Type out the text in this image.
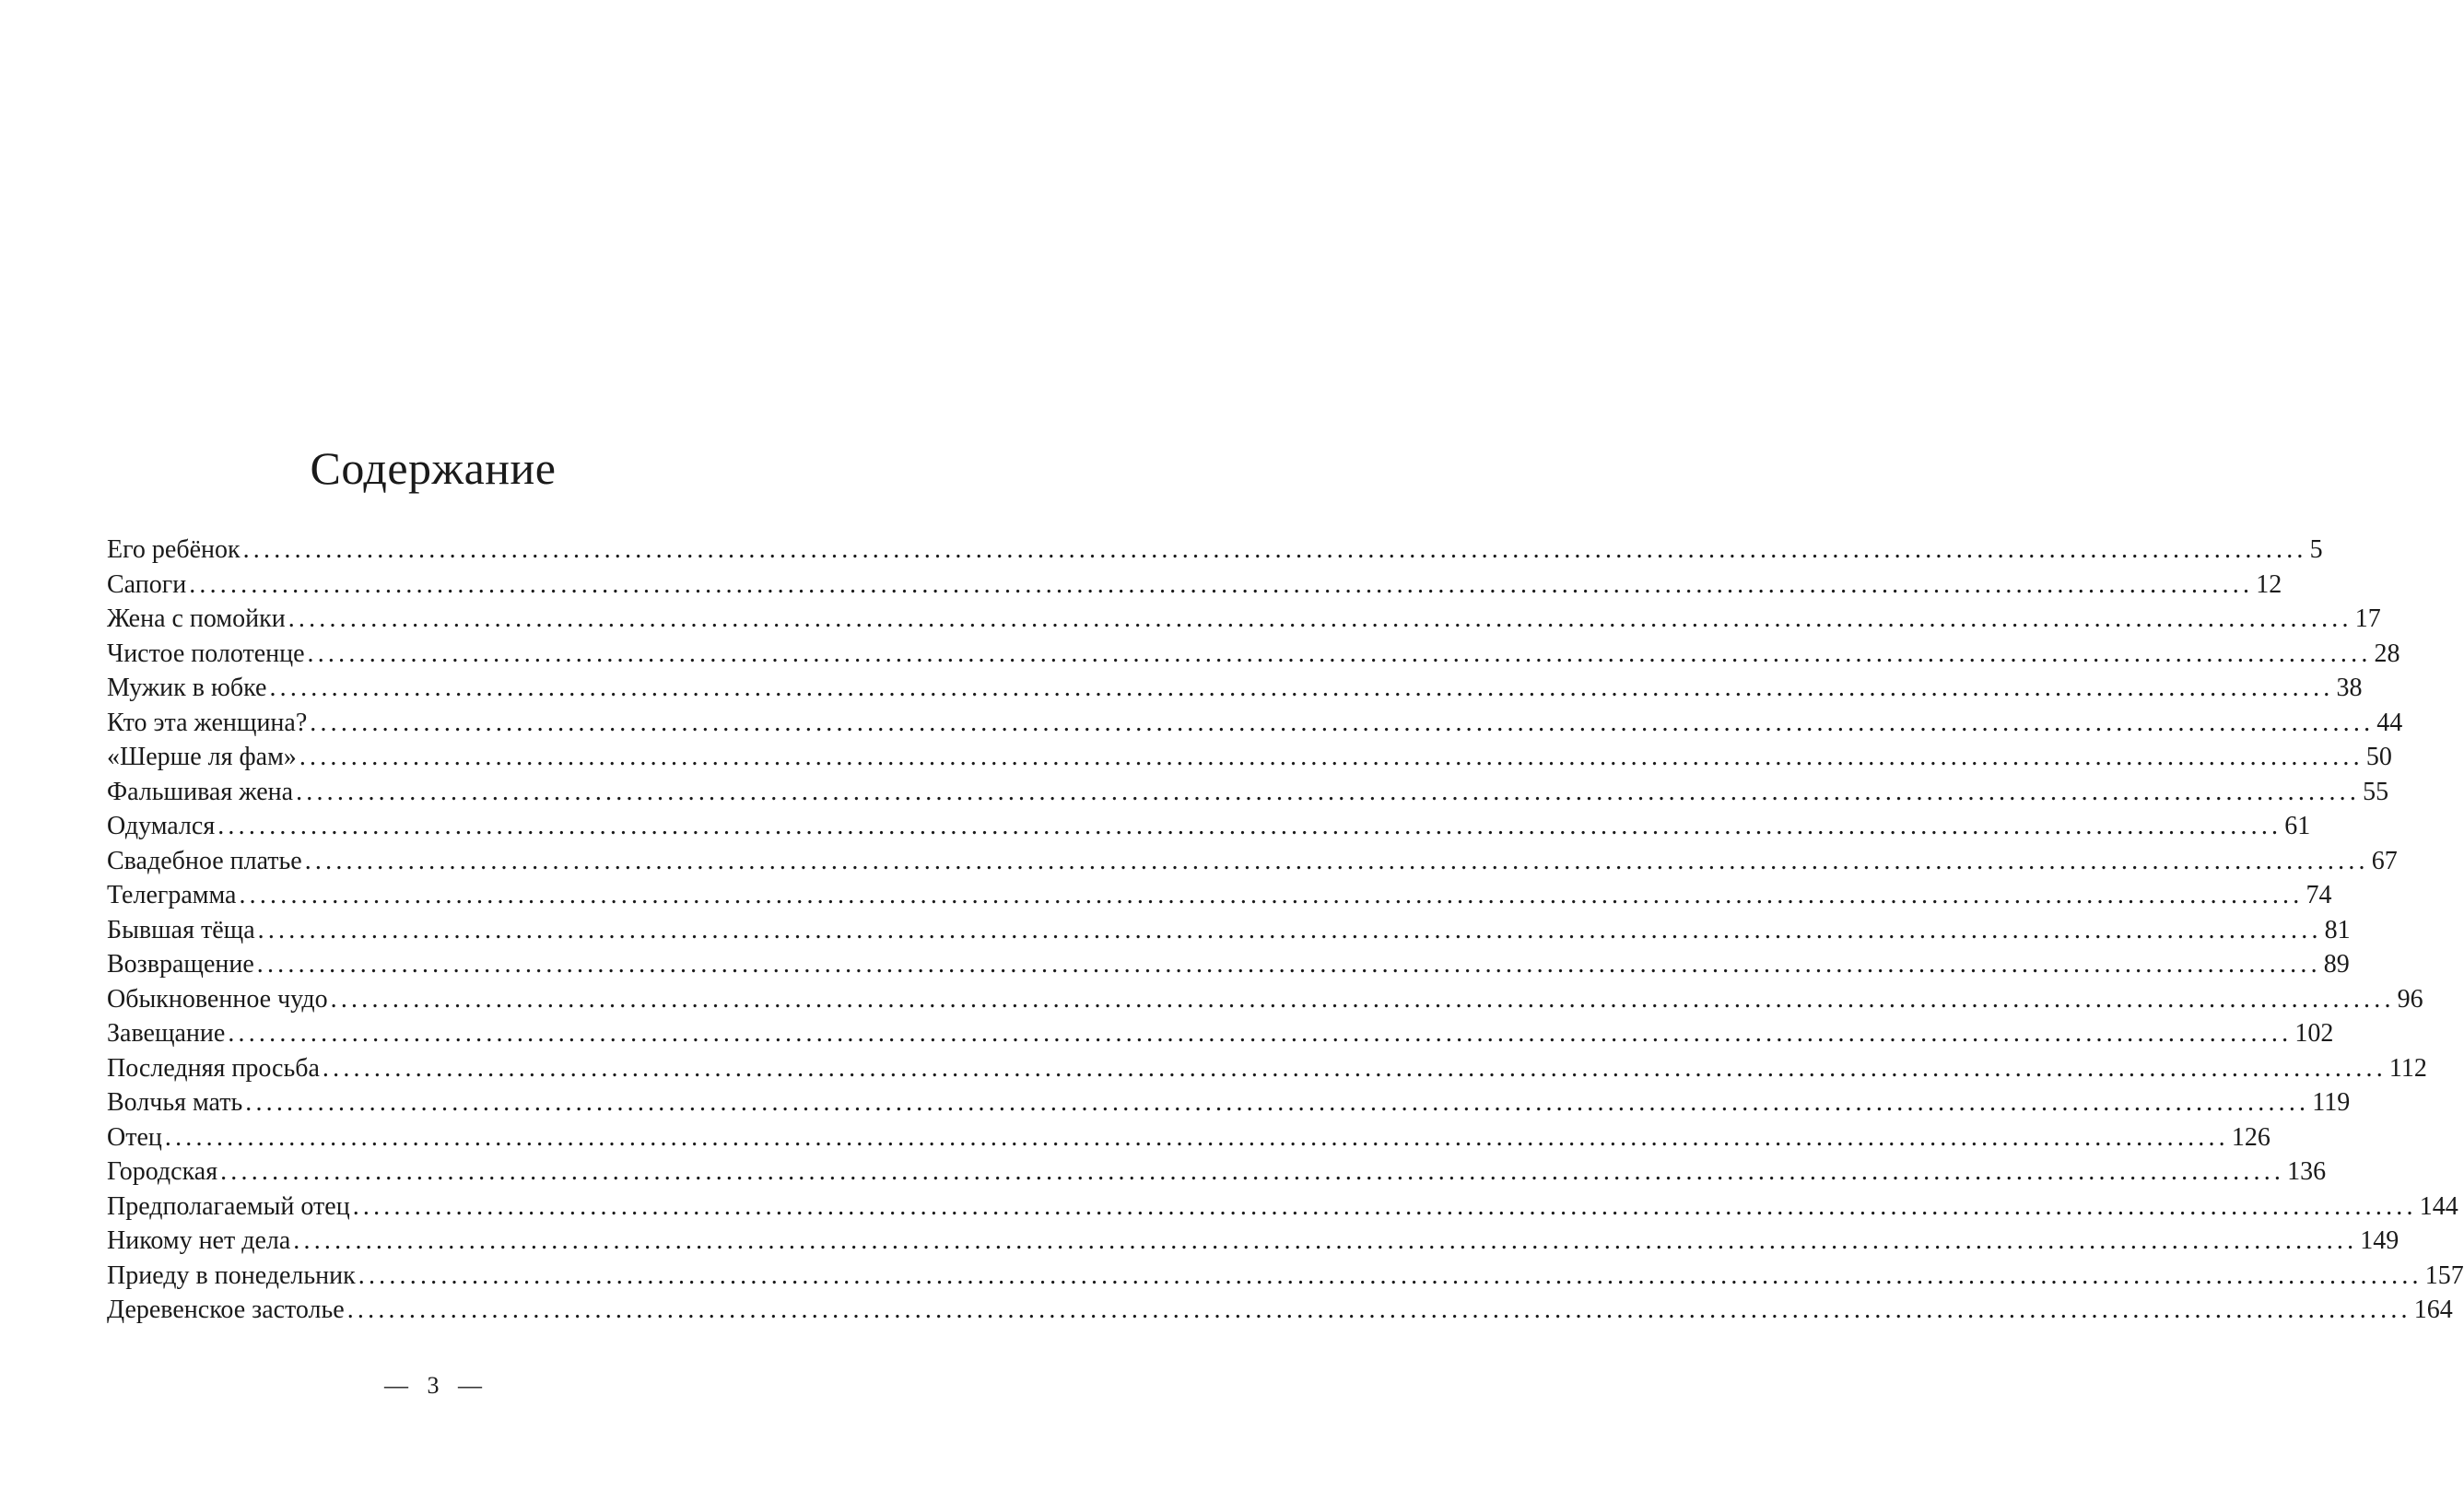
Содержание
Его ребёнок ........................................................................................................................................................................................................ 5
Сапоги ........................................................................................................................................................................................................ 12
Жена с помойки ........................................................................................................................................................................................................ 17
Чистое полотенце ........................................................................................................................................................................................................ 28
Мужик в юбке ........................................................................................................................................................................................................ 38
Кто эта женщина? ........................................................................................................................................................................................................ 44
«Шерше ля фам» ........................................................................................................................................................................................................ 50
Фальшивая жена ........................................................................................................................................................................................................ 55
Одумался ........................................................................................................................................................................................................ 61
Свадебное платье ........................................................................................................................................................................................................ 67
Телеграмма ........................................................................................................................................................................................................ 74
Бывшая тёща ........................................................................................................................................................................................................ 81
Возвращение ........................................................................................................................................................................................................ 89
Обыкновенное чудо ........................................................................................................................................................................................................ 96
Завещание ........................................................................................................................................................................................................ 102
Последняя просьба ........................................................................................................................................................................................................ 112
Волчья мать ........................................................................................................................................................................................................ 119
Отец ........................................................................................................................................................................................................ 126
Городская ........................................................................................................................................................................................................ 136
Предполагаемый отец ........................................................................................................................................................................................................ 144
Никому нет дела ........................................................................................................................................................................................................ 149
Приеду в понедельник ........................................................................................................................................................................................................ 157
Деревенское застолье ........................................................................................................................................................................................................ 164
— 3 —
